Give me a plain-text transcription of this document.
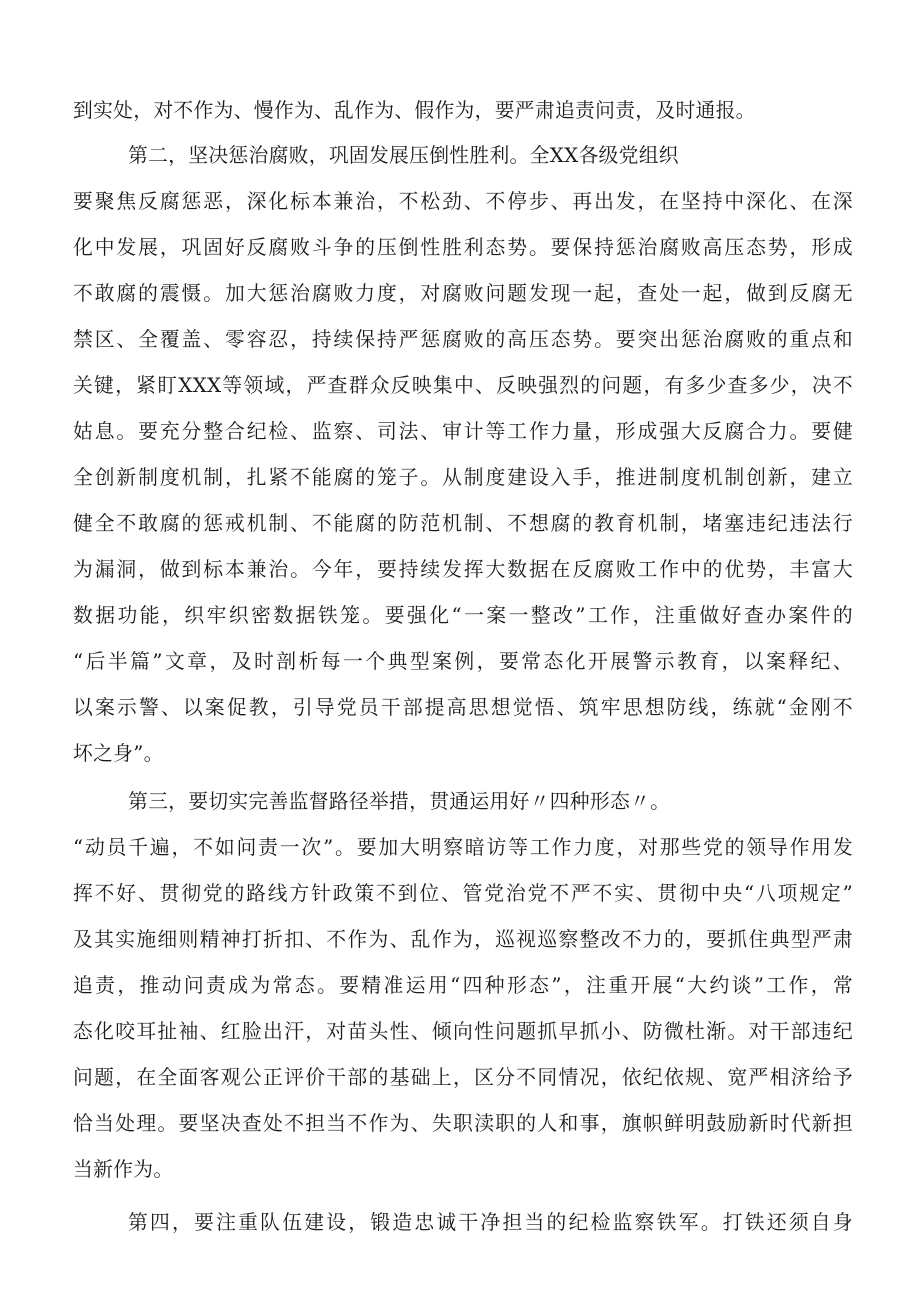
到实处，对不作为、慢作为、乱作为、假作为，要严肃追责问责，及时通报。
第二，坚决惩治腐败，巩固发展压倒性胜利。全XX各级党组织
要聚焦反腐惩恶，深化标本兼治，不松劲、不停步、再出发，在坚持中深化、在深
化中发展，巩固好反腐败斗争的压倒性胜利态势。要保持惩治腐败高压态势，形成
不敢腐的震慑。加大惩治腐败力度，对腐败问题发现一起，查处一起，做到反腐无
禁区、全覆盖、零容忍，持续保持严惩腐败的高压态势。要突出惩治腐败的重点和
关键，紧盯XXX等领域，严查群众反映集中、反映强烈的问题，有多少查多少，决不
姑息。要充分整合纪检、监察、司法、审计等工作力量，形成强大反腐合力。要健
全创新制度机制，扎紧不能腐的笼子。从制度建设入手，推进制度机制创新，建立
健全不敢腐的惩戒机制、不能腐的防范机制、不想腐的教育机制，堵塞违纪违法行
为漏洞，做到标本兼治。今年，要持续发挥大数据在反腐败工作中的优势，丰富大
数据功能，织牢织密数据铁笼。要强化“一案一整改”工作，注重做好查办案件的
“后半篇”文章，及时剖析每一个典型案例，要常态化开展警示教育，以案释纪、
以案示警、以案促教，引导党员干部提高思想觉悟、筑牢思想防线，练就“金刚不
坏之身”。
第三，要切实完善监督路径举措，贯通运用好〃四种形态〃。
“动员千遍，不如问责一次”。要加大明察暗访等工作力度，对那些党的领导作用发
挥不好、贯彻党的路线方针政策不到位、管党治党不严不实、贯彻中央“八项规定”
及其实施细则精神打折扣、不作为、乱作为，巡视巡察整改不力的，要抓住典型严肃
追责，推动问责成为常态。要精准运用“四种形态”，注重开展“大约谈”工作，常
态化咬耳扯袖、红脸出汗，对苗头性、倾向性问题抓早抓小、防微杜渐。对干部违纪
问题，在全面客观公正评价干部的基础上，区分不同情况，依纪依规、宽严相济给予
恰当处理。要坚决查处不担当不作为、失职渎职的人和事，旗帜鲜明鼓励新时代新担
当新作为。
第四，要注重队伍建设，锻造忠诚干净担当的纪检监察铁军。打铁还须自身
